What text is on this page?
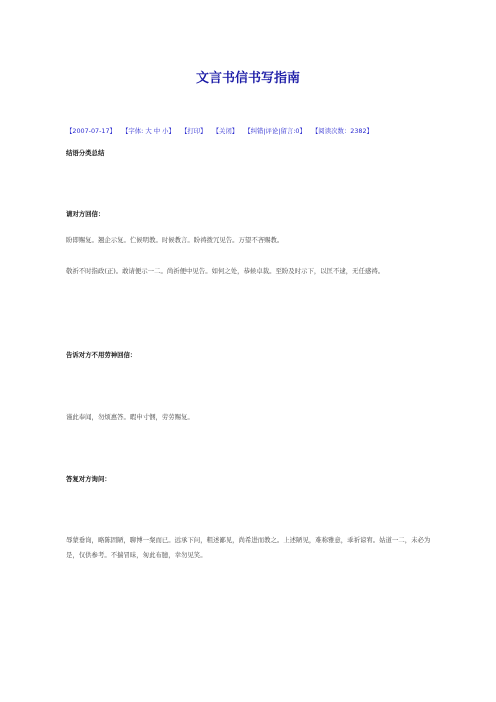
文言书信书写指南
【2007-07-17】 【字体: 大 中 小】 【打印】 【关闭】 【纠错|评论|留言:0】 【阅读次数：2382】
结语分类总结
请对方回信：
盼即赐复。翘企示复。伫候明教。时候教言。盼祷拨冗见告。万望不吝赐教。
敬祈不时指政(正)。敢请便示一二。尚祈便中见告。如何之处，恭候卓裁。至盼及时示下，以匡不逮，无任感祷。
告诉对方不用劳神回信：
谨此奉闻，勿烦惠答。暇申寸悃，劳劳赐复。
答复对方询问：
辱蒙垂询，略陈固陋，聊博一粲而已。远承下问，粗述鄙见，尚希进而教之。上述陋见，难称雅意，乖祈谅宥。姑道一二，未必为是，仅供参考。不揣冒昧，匆此布臆，幸勿见笑。
